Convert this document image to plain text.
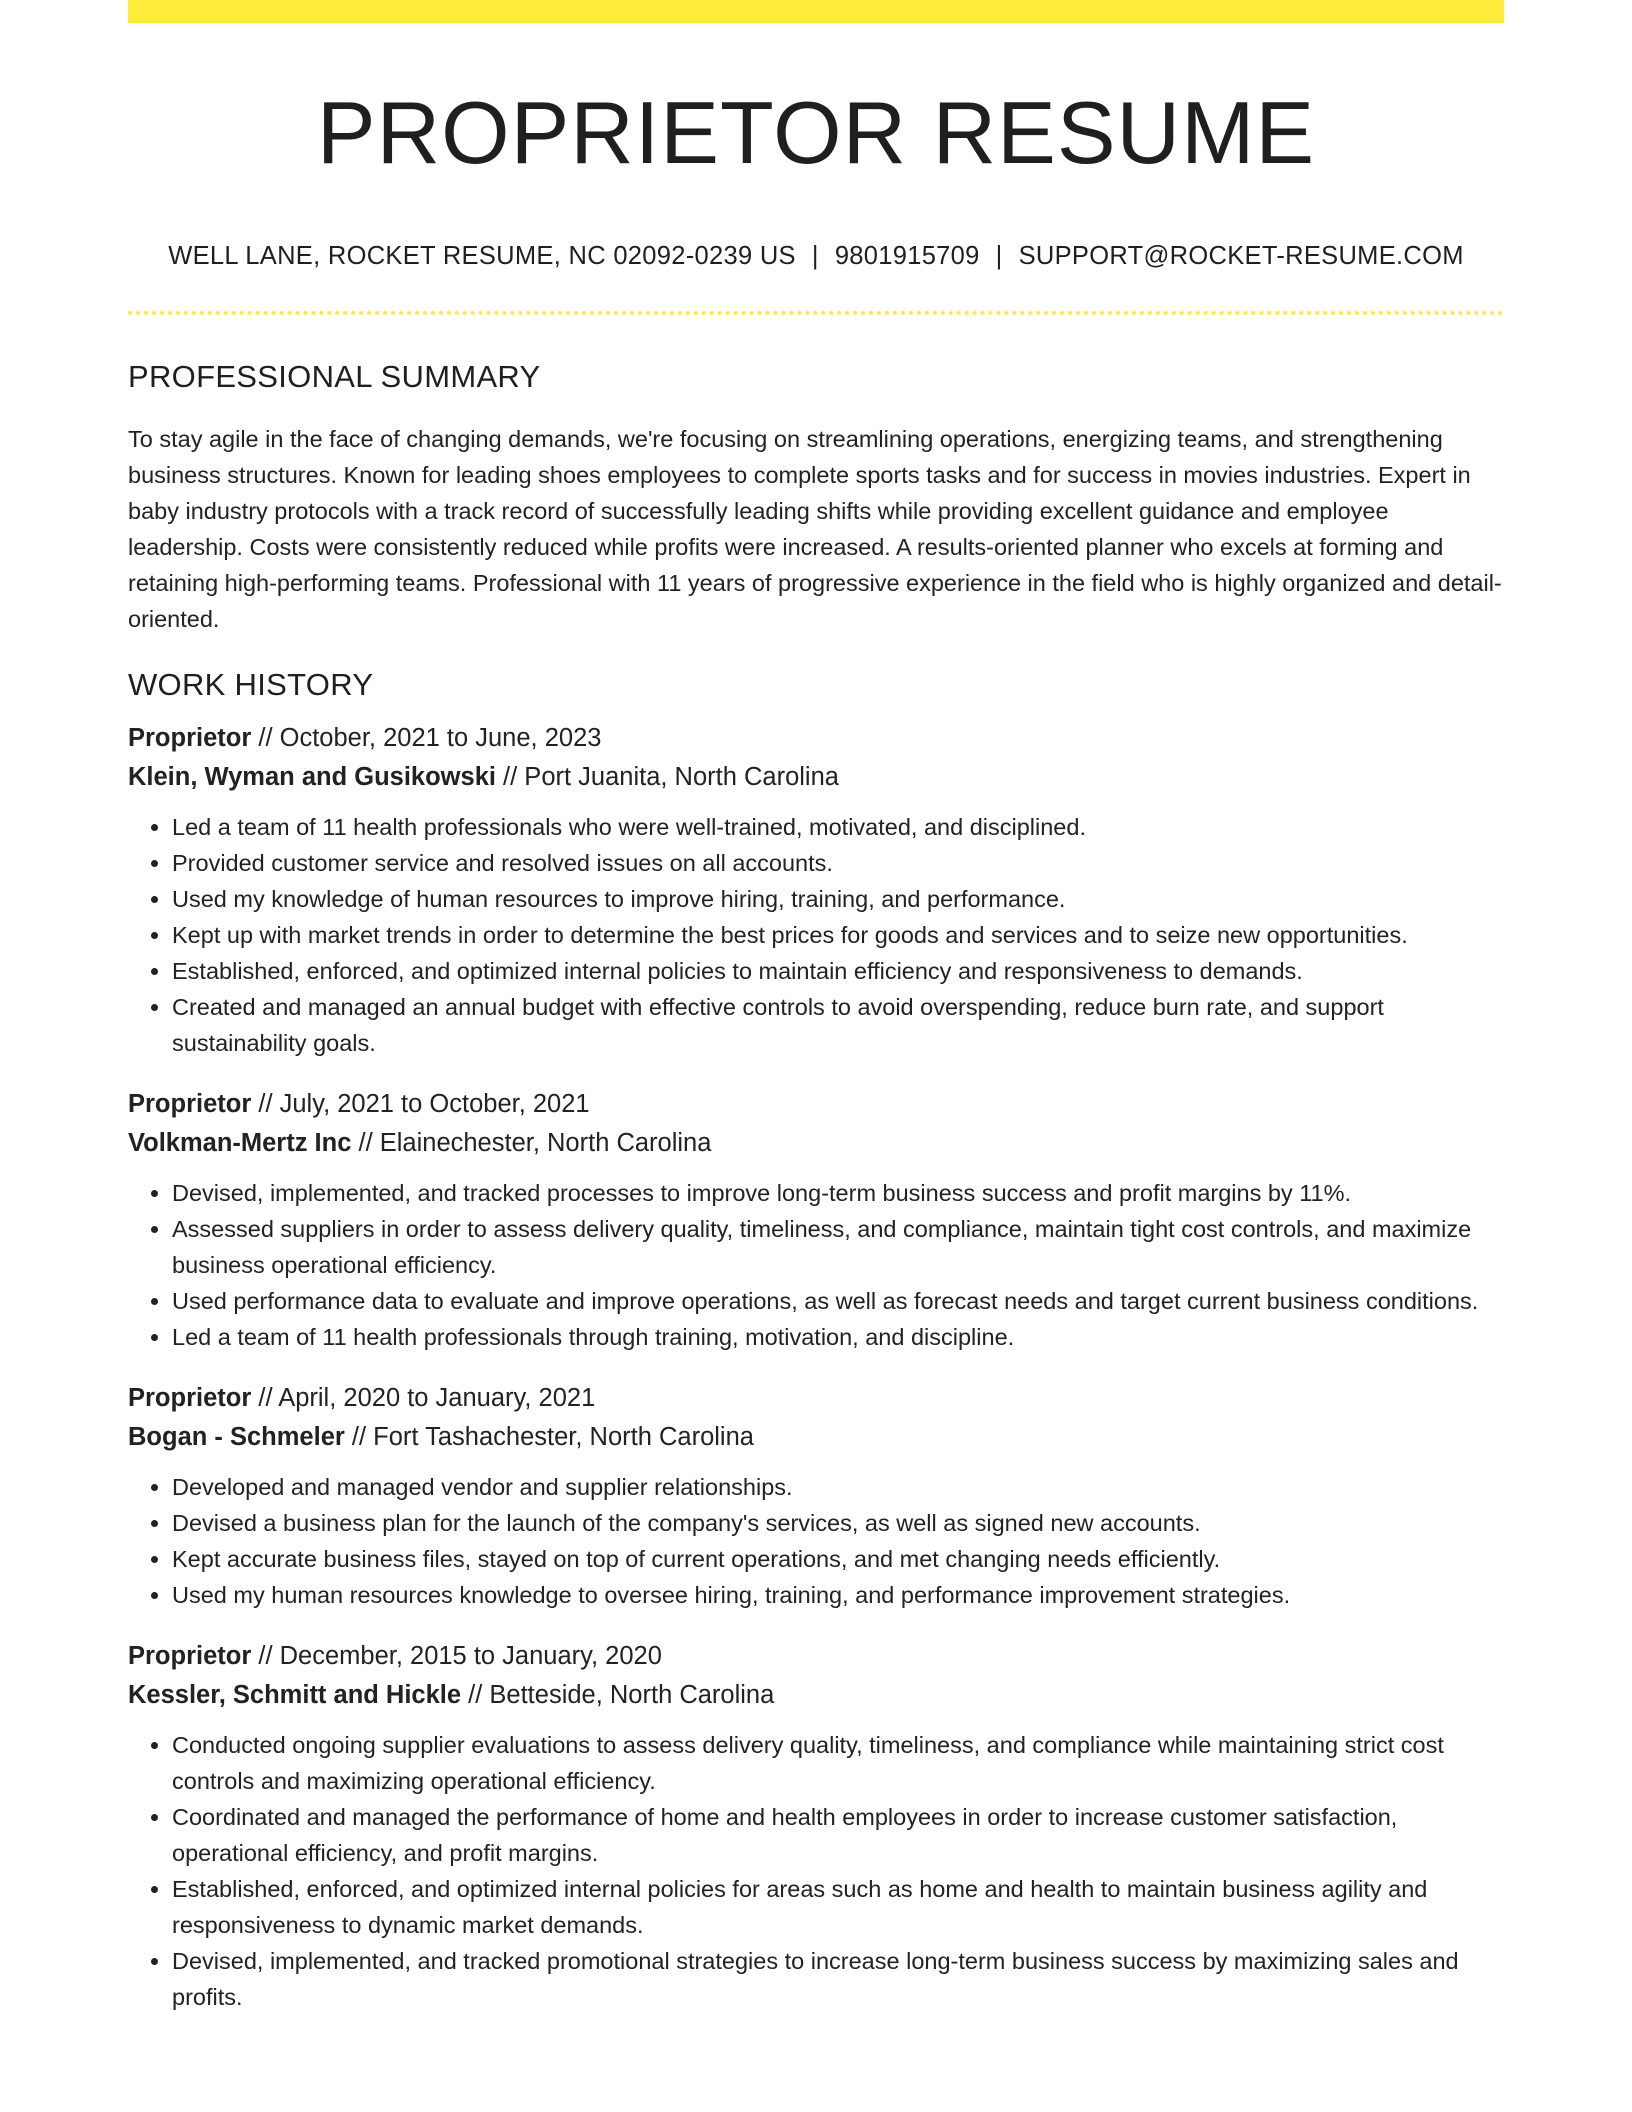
PROPRIETOR RESUME
WELL LANE, ROCKET RESUME, NC 02092-0239 US | 9801915709 | SUPPORT@ROCKET-RESUME.COM
PROFESSIONAL SUMMARY
To stay agile in the face of changing demands, we're focusing on streamlining operations, energizing teams, and strengthening business structures. Known for leading shoes employees to complete sports tasks and for success in movies industries. Expert in baby industry protocols with a track record of successfully leading shifts while providing excellent guidance and employee leadership. Costs were consistently reduced while profits were increased. A results-oriented planner who excels at forming and retaining high-performing teams. Professional with 11 years of progressive experience in the field who is highly organized and detail-oriented.
WORK HISTORY
Proprietor // October, 2021 to June, 2023
Klein, Wyman and Gusikowski // Port Juanita, North Carolina
• Led a team of 11 health professionals who were well-trained, motivated, and disciplined.
• Provided customer service and resolved issues on all accounts.
• Used my knowledge of human resources to improve hiring, training, and performance.
• Kept up with market trends in order to determine the best prices for goods and services and to seize new opportunities.
• Established, enforced, and optimized internal policies to maintain efficiency and responsiveness to demands.
• Created and managed an annual budget with effective controls to avoid overspending, reduce burn rate, and support sustainability goals.
Proprietor // July, 2021 to October, 2021
Volkman-Mertz Inc // Elainechester, North Carolina
• Devised, implemented, and tracked processes to improve long-term business success and profit margins by 11%.
• Assessed suppliers in order to assess delivery quality, timeliness, and compliance, maintain tight cost controls, and maximize business operational efficiency.
• Used performance data to evaluate and improve operations, as well as forecast needs and target current business conditions.
• Led a team of 11 health professionals through training, motivation, and discipline.
Proprietor // April, 2020 to January, 2021
Bogan - Schmeler // Fort Tashachester, North Carolina
• Developed and managed vendor and supplier relationships.
• Devised a business plan for the launch of the company's services, as well as signed new accounts.
• Kept accurate business files, stayed on top of current operations, and met changing needs efficiently.
• Used my human resources knowledge to oversee hiring, training, and performance improvement strategies.
Proprietor // December, 2015 to January, 2020
Kessler, Schmitt and Hickle // Betteside, North Carolina
• Conducted ongoing supplier evaluations to assess delivery quality, timeliness, and compliance while maintaining strict cost controls and maximizing operational efficiency.
• Coordinated and managed the performance of home and health employees in order to increase customer satisfaction, operational efficiency, and profit margins.
• Established, enforced, and optimized internal policies for areas such as home and health to maintain business agility and responsiveness to dynamic market demands.
• Devised, implemented, and tracked promotional strategies to increase long-term business success by maximizing sales and profits.
